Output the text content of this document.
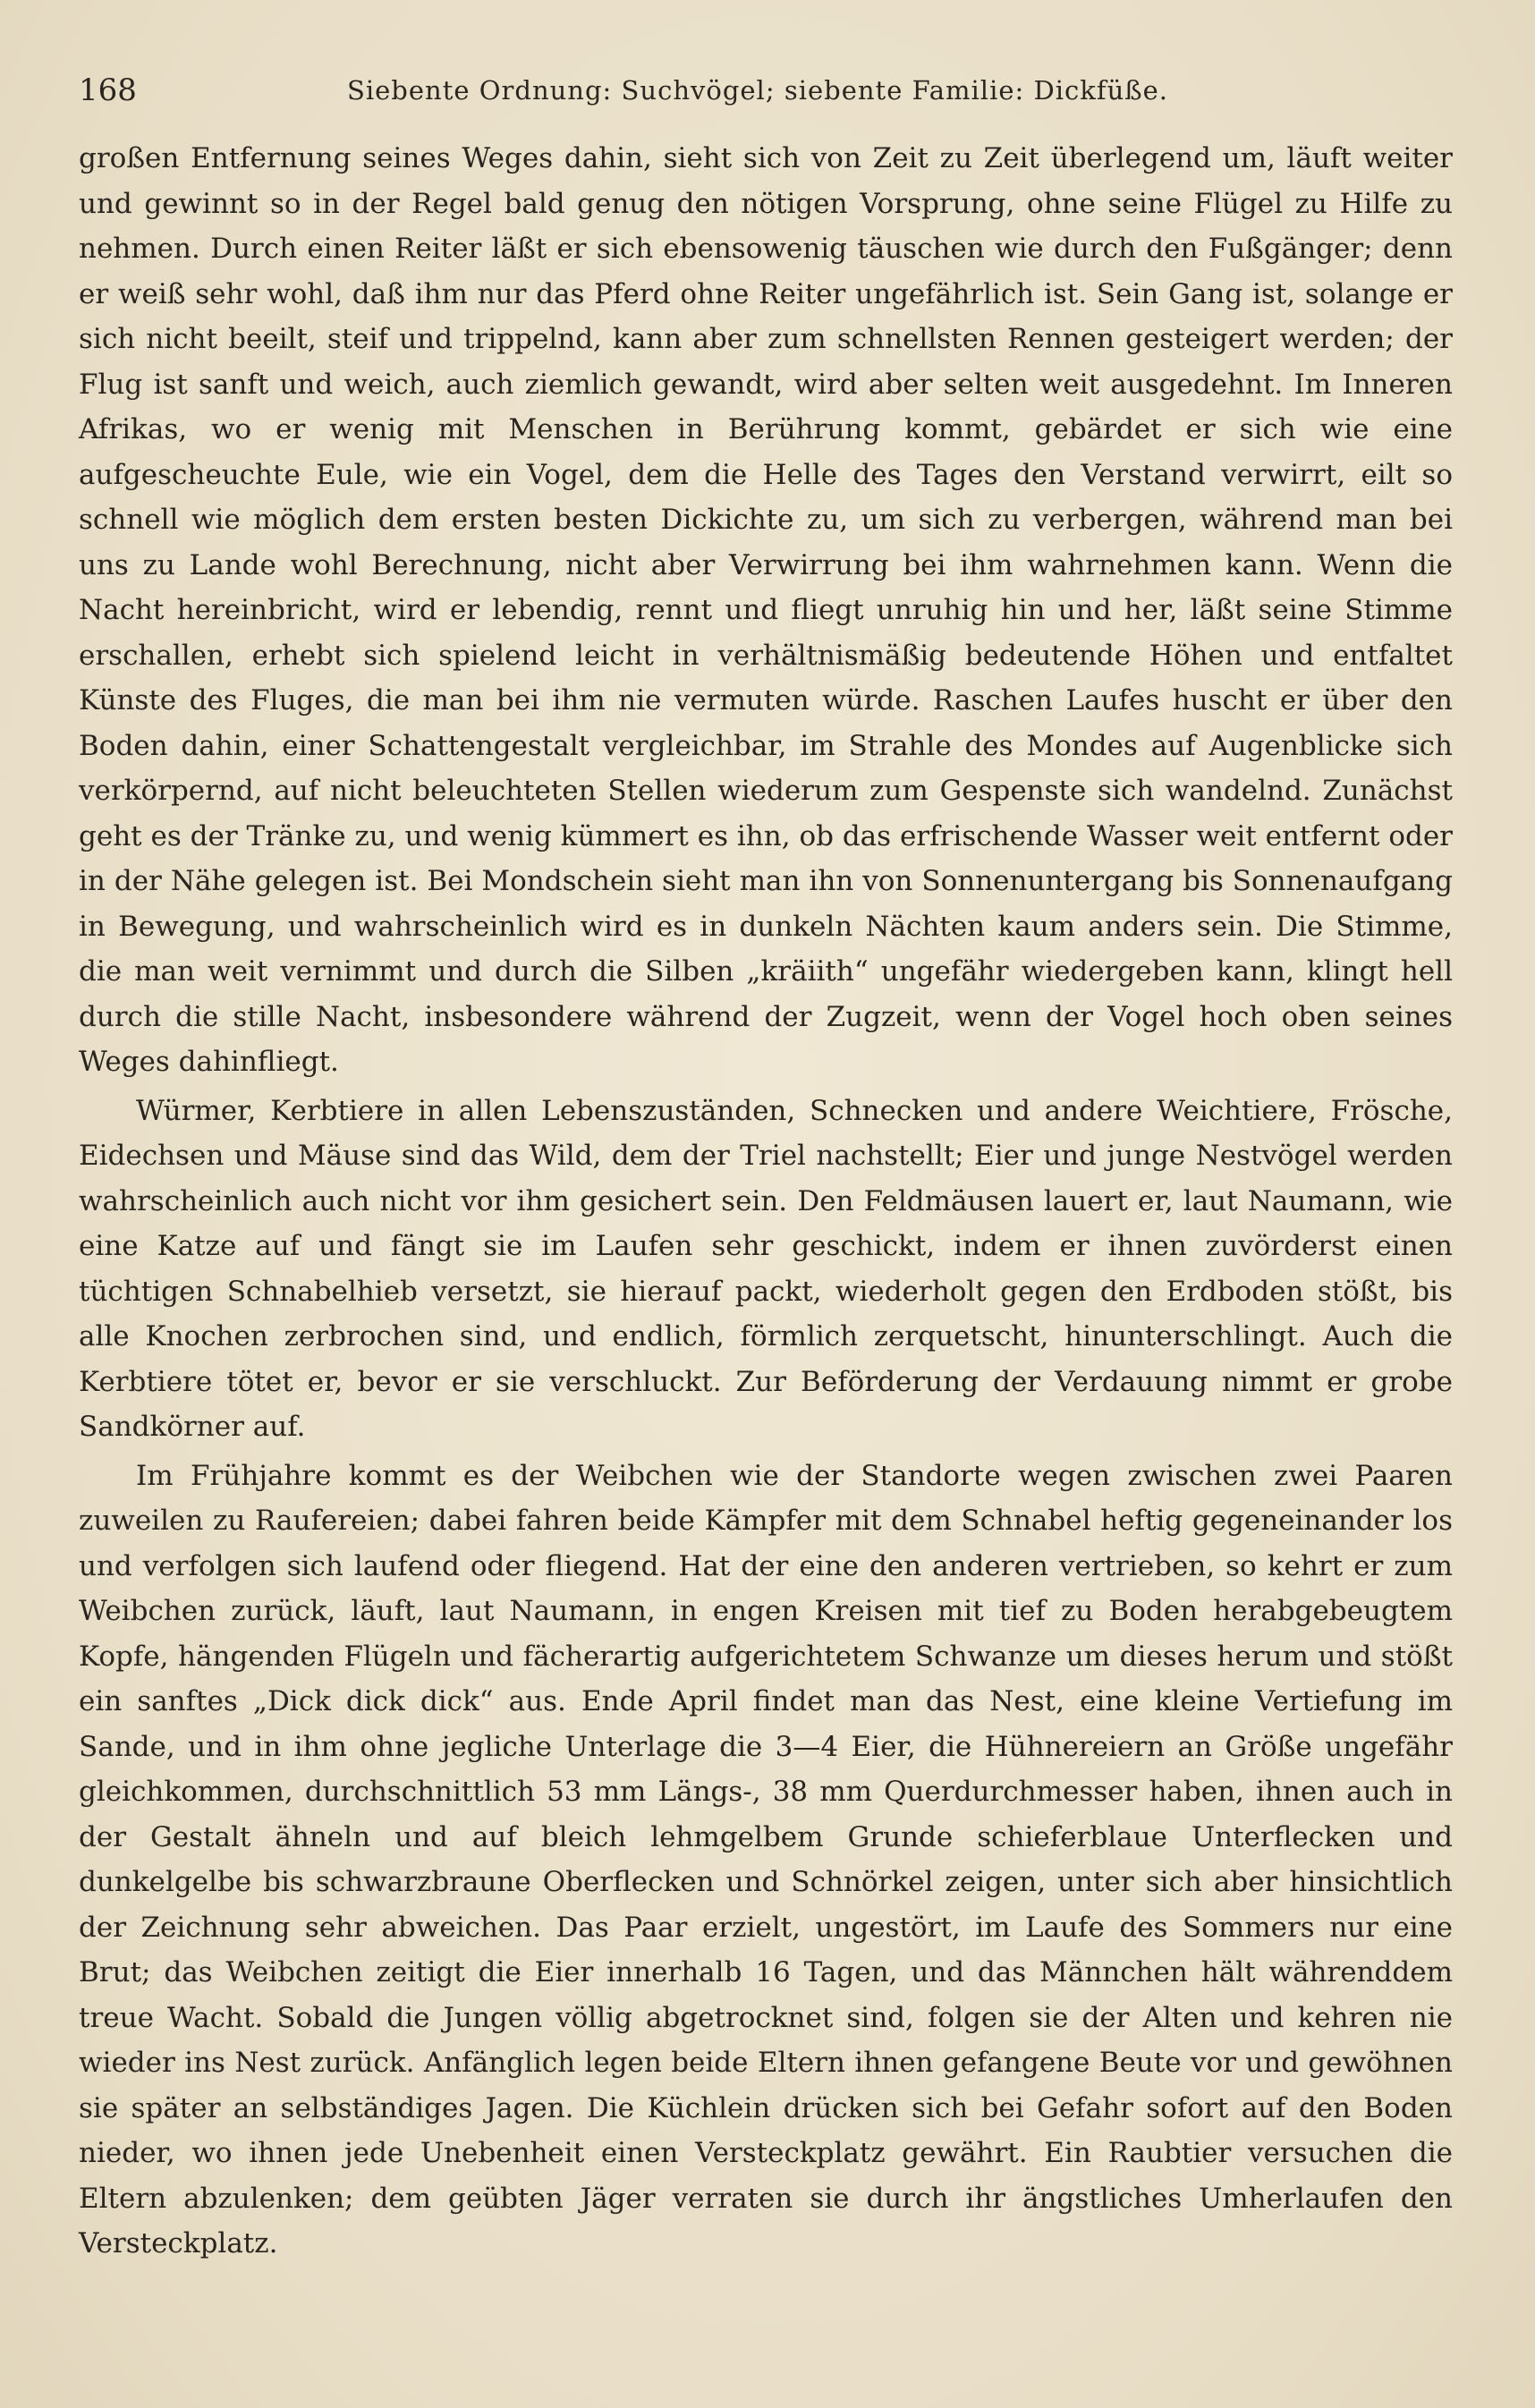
168	Siebente Ordnung: Suchvögel; siebente Familie: Dickfüße.

großen Entfernung seines Weges dahin, sieht sich von Zeit zu Zeit überlegend um, läuft weiter und gewinnt so in der Regel bald genug den nötigen Vorsprung, ohne seine Flügel zu Hilfe zu nehmen. Durch einen Reiter läßt er sich ebensowenig täuschen wie durch den Fußgänger; denn er weiß sehr wohl, daß ihm nur das Pferd ohne Reiter ungefährlich ist. Sein Gang ist, solange er sich nicht beeilt, steif und trippelnd, kann aber zum schnellsten Rennen gesteigert werden; der Flug ist sanft und weich, auch ziemlich gewandt, wird aber selten weit ausgedehnt. Im Inneren Afrikas, wo er wenig mit Menschen in Berührung kommt, gebärdet er sich wie eine aufgescheuchte Eule, wie ein Vogel, dem die Helle des Tages den Verstand verwirrt, eilt so schnell wie möglich dem ersten besten Dickichte zu, um sich zu verbergen, während man bei uns zu Lande wohl Berechnung, nicht aber Verwirrung bei ihm wahrnehmen kann. Wenn die Nacht hereinbricht, wird er lebendig, rennt und fliegt unruhig hin und her, läßt seine Stimme erschallen, erhebt sich spielend leicht in verhältnismäßig bedeutende Höhen und entfaltet Künste des Fluges, die man bei ihm nie vermuten würde. Raschen Laufes huscht er über den Boden dahin, einer Schattengestalt vergleichbar, im Strahle des Mondes auf Augenblicke sich verkörpernd, auf nicht beleuchteten Stellen wiederum zum Gespenste sich wandelnd. Zunächst geht es der Tränke zu, und wenig kümmert es ihn, ob das erfrischende Wasser weit entfernt oder in der Nähe gelegen ist. Bei Mondschein sieht man ihn von Sonnenuntergang bis Sonnenaufgang in Bewegung, und wahrscheinlich wird es in dunkeln Nächten kaum anders sein. Die Stimme, die man weit vernimmt und durch die Silben „kräiith“ ungefähr wiedergeben kann, klingt hell durch die stille Nacht, insbesondere während der Zugzeit, wenn der Vogel hoch oben seines Weges dahinfliegt.

Würmer, Kerbtiere in allen Lebenszuständen, Schnecken und andere Weichtiere, Frösche, Eidechsen und Mäuse sind das Wild, dem der Triel nachstellt; Eier und junge Nestvögel werden wahrscheinlich auch nicht vor ihm gesichert sein. Den Feldmäusen lauert er, laut Naumann, wie eine Katze auf und fängt sie im Laufen sehr geschickt, indem er ihnen zuvörderst einen tüchtigen Schnabelhieb versetzt, sie hierauf packt, wiederholt gegen den Erdboden stößt, bis alle Knochen zerbrochen sind, und endlich, förmlich zerquetscht, hinunterschlingt. Auch die Kerbtiere tötet er, bevor er sie verschluckt. Zur Beförderung der Verdauung nimmt er grobe Sandkörner auf.

Im Frühjahre kommt es der Weibchen wie der Standorte wegen zwischen zwei Paaren zuweilen zu Raufereien; dabei fahren beide Kämpfer mit dem Schnabel heftig gegeneinander los und verfolgen sich laufend oder fliegend. Hat der eine den anderen vertrieben, so kehrt er zum Weibchen zurück, läuft, laut Naumann, in engen Kreisen mit tief zu Boden herabgebeugtem Kopfe, hängenden Flügeln und fächerartig aufgerichtetem Schwanze um dieses herum und stößt ein sanftes „Dick dick dick“ aus. Ende April findet man das Nest, eine kleine Vertiefung im Sande, und in ihm ohne jegliche Unterlage die 3—4 Eier, die Hühnereiern an Größe ungefähr gleichkommen, durchschnittlich 53 mm Längs-, 38 mm Querdurchmesser haben, ihnen auch in der Gestalt ähneln und auf bleich lehmgelbem Grunde schieferblaue Unterflecken und dunkelgelbe bis schwarzbraune Oberflecken und Schnörkel zeigen, unter sich aber hinsichtlich der Zeichnung sehr abweichen. Das Paar erzielt, ungestört, im Laufe des Sommers nur eine Brut; das Weibchen zeitigt die Eier innerhalb 16 Tagen, und das Männchen hält währenddem treue Wacht. Sobald die Jungen völlig abgetrocknet sind, folgen sie der Alten und kehren nie wieder ins Nest zurück. Anfänglich legen beide Eltern ihnen gefangene Beute vor und gewöhnen sie später an selbständiges Jagen. Die Küchlein drücken sich bei Gefahr sofort auf den Boden nieder, wo ihnen jede Unebenheit einen Versteckplatz gewährt. Ein Raubtier versuchen die Eltern abzulenken; dem geübten Jäger verraten sie durch ihr ängstliches Umherlaufen den Versteckplatz.
